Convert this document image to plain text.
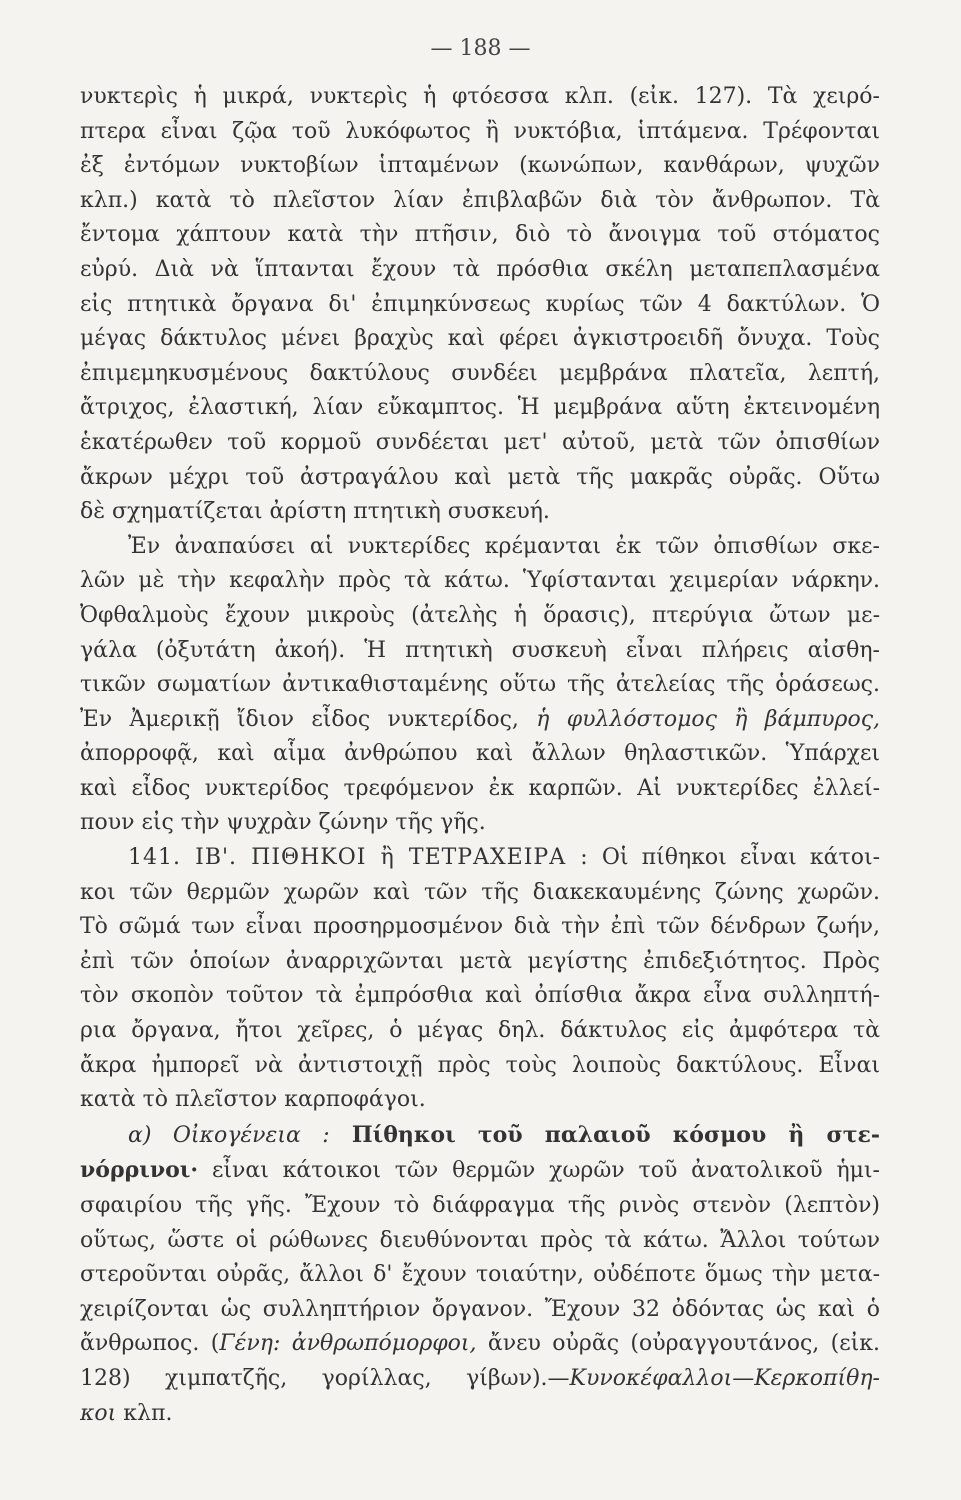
— 188 —

νυκτερὶς ἡ μικρά, νυκτερὶς ἡ φτόεσσα κλπ. (εἰκ. 127). Τὰ χειρό-
πτερα εἶναι ζῷα τοῦ λυκόφωτος ἢ νυκτόβια, ἱπτάμενα. Τρέφονται
ἐξ ἐντόμων νυκτοβίων ἱπταμένων (κωνώπων, κανθάρων, ψυχῶν
κλπ.) κατὰ τὸ πλεῖστον λίαν ἐπιβλαβῶν διὰ τὸν ἄνθρωπον. Τὰ
ἔντομα χάπτουν κατὰ τὴν πτῆσιν, διὸ τὸ ἄνοιγμα τοῦ στόματος
εὐρύ. Διὰ νὰ ἵπτανται ἔχουν τὰ πρόσθια σκέλη μεταπεπλασμένα
εἰς πτητικὰ ὄργανα δι' ἐπιμηκύνσεως κυρίως τῶν 4 δακτύλων. Ὁ
μέγας δάκτυλος μένει βραχὺς καὶ φέρει ἀγκιστροειδῆ ὄνυχα. Τοὺς
ἐπιμεμηκυσμένους δακτύλους συνδέει μεμβράνα πλατεῖα, λεπτή,
ἄτριχος, ἐλαστική, λίαν εὔκαμπτος. Ἡ μεμβράνα αὕτη ἐκτεινομένη
ἑκατέρωθεν τοῦ κορμοῦ συνδέεται μετ' αὐτοῦ, μετὰ τῶν ὀπισθίων
ἄκρων μέχρι τοῦ ἀστραγάλου καὶ μετὰ τῆς μακρᾶς οὐρᾶς. Οὕτω
δὲ σχηματίζεται ἀρίστη πτητικὴ συσκευή.

Ἐν ἀναπαύσει αἱ νυκτερίδες κρέμανται ἐκ τῶν ὀπισθίων σκε-
λῶν μὲ τὴν κεφαλὴν πρὸς τὰ κάτω. Ὑφίστανται χειμερίαν νάρκην.
Ὀφθαλμοὺς ἔχουν μικροὺς (ἀτελὴς ἡ ὅρασις), πτερύγια ὤτων με-
γάλα (ὀξυτάτη ἀκοή). Ἡ πτητικὴ συσκευὴ εἶναι πλήρεις αἰσθη-
τικῶν σωματίων ἀντικαθισταμένης οὕτω τῆς ἀτελείας τῆς ὁράσεως.
Ἐν Ἀμερικῇ ἴδιον εἶδος νυκτερίδος, ἡ φυλλόστομος ἢ βάμπυρος,
ἀπορροφᾷ, καὶ αἷμα ἀνθρώπου καὶ ἄλλων θηλαστικῶν. Ὑπάρχει
καὶ εἶδος νυκτερίδος τρεφόμενον ἐκ καρπῶν. Αἱ νυκτερίδες ἐλλεί-
πουν εἰς τὴν ψυχρὰν ζώνην τῆς γῆς.

141. ΙΒ'. ΠΙΘΗΚΟΙ ἢ ΤΕΤΡΑΧΕΙΡΑ : Οἱ πίθηκοι εἶναι κάτοι-
κοι τῶν θερμῶν χωρῶν καὶ τῶν τῆς διακεκαυμένης ζώνης χωρῶν.
Τὸ σῶμά των εἶναι προσηρμοσμένον διὰ τὴν ἐπὶ τῶν δένδρων ζωήν,
ἐπὶ τῶν ὁποίων ἀναρριχῶνται μετὰ μεγίστης ἐπιδεξιότητος. Πρὸς
τὸν σκοπὸν τοῦτον τὰ ἐμπρόσθια καὶ ὀπίσθια ἄκρα εἶνα συλληπτή-
ρια ὄργανα, ἤτοι χεῖρες, ὁ μέγας δηλ. δάκτυλος εἰς ἀμφότερα τὰ
ἄκρα ἠμπορεῖ νὰ ἀντιστοιχῇ πρὸς τοὺς λοιποὺς δακτύλους. Εἶναι
κατὰ τὸ πλεῖστον καρποφάγοι.

α) Οἰκογένεια : Πίθηκοι τοῦ παλαιοῦ κόσμου ἢ στε-
νόρρινοι· εἶναι κάτοικοι τῶν θερμῶν χωρῶν τοῦ ἀνατολικοῦ ἡμι-
σφαιρίου τῆς γῆς. Ἔχουν τὸ διάφραγμα τῆς ρινὸς στενὸν (λεπτὸν)
οὕτως, ὥστε οἱ ρώθωνες διευθύνονται πρὸς τὰ κάτω. Ἄλλοι τούτων
στεροῦνται οὐρᾶς, ἄλλοι δ' ἔχουν τοιαύτην, οὐδέποτε ὅμως τὴν μετα-
χειρίζονται ὡς συλληπτήριον ὄργανον. Ἔχουν 32 ὀδόντας ὡς καὶ ὁ
ἄνθρωπος. (Γένη: ἀνθρωπόμορφοι, ἄνευ οὐρᾶς (οὐραγγουτάνος, (εἰκ.
128) χιμπατζῆς, γορίλλας, γίβων).—Κυνοκέφαλλοι—Κερκοπίθη-
κοι κλπ.
